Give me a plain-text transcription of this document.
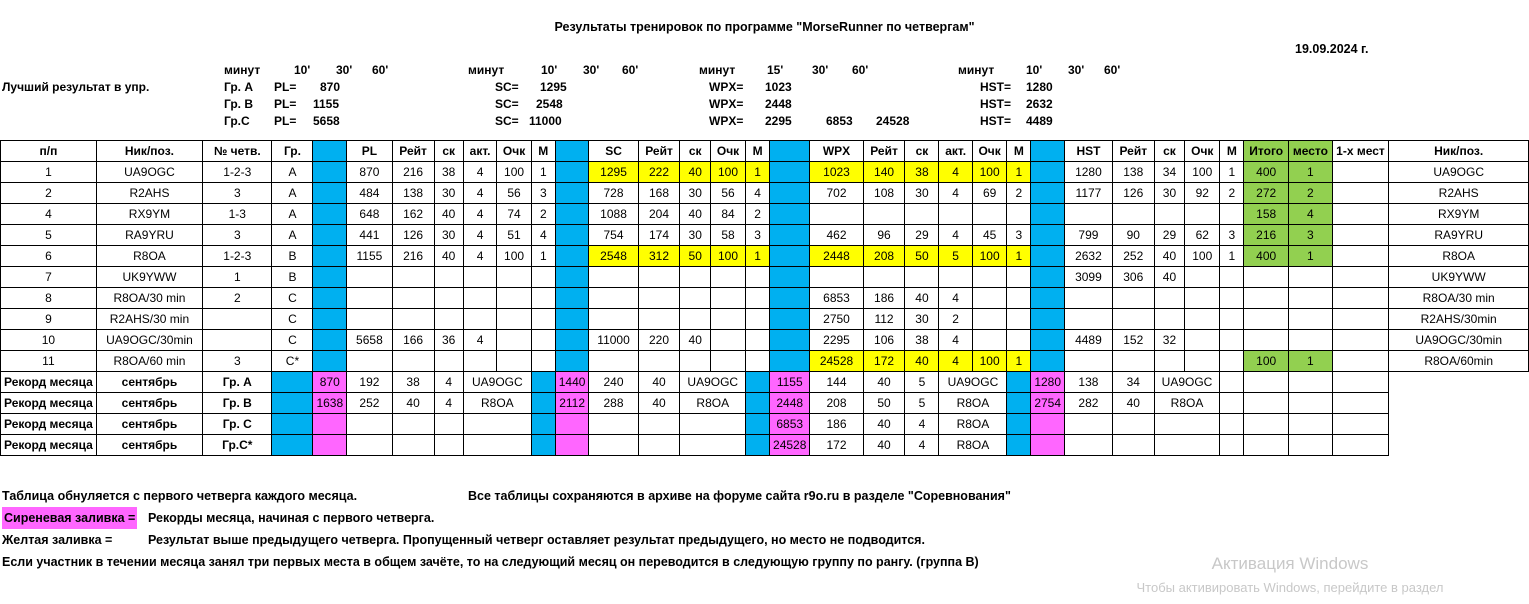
Результаты тренировок по программе "MorseRunner по четвергам"
19.09.2024 г.
минут	10' 30' 60'	минут	10' 30' 60'	минут	15' 30' 60'	минут	10' 30' 60'
Лучший результат в упр.	Гр. А PL= 870	SC= 1295	WPX= 1023	HST= 1280
Гр. В PL= 1155	SC= 2548	WPX= 2448	HST= 2632
Гр.С PL= 5658	SC= 11000	WPX= 2295	6853 24528	HST= 4489
п/п	Ник/поз.	№ четв.	Гр.		PL	Рейт	ск	акт.	Очк	М		SC	Рейт	ск	Очк	М		WPX	Рейт	ск	акт.	Очк	М		HST	Рейт	ск	Очк	М	Итого	место	1-х мест	Ник/поз.
1	UA9OGC	1-2-3	A		870	216	38	4	100	1		1295	222	40	100	1		1023	140	38	4	100	1		1280	138	34	100	1	400	1		UA9OGC
2	R2AHS	3	A		484	138	30	4	56	3		728	168	30	56	4		702	108	30	4	69	2		1177	126	30	92	2	272	2		R2AHS
4	RX9YM	1-3	A		648	162	40	4	74	2		1088	204	40	84	2														158	4		RX9YM
5	RA9YRU	3	A		441	126	30	4	51	4		754	174	30	58	3		462	96	29	4	45	3		799	90	29	62	3	216	3		RA9YRU
6	R8OA	1-2-3	B		1155	216	40	4	100	1		2548	312	50	100	1		2448	208	50	5	100	1		2632	252	40	100	1	400	1		R8OA
7	UK9YWW	1	B																						3099	306	40						UK9YWW
8	R8OA/30 min	2	C															6853	186	40	4												R8OA/30 min
9	R2AHS/30 min		C															2750	112	30	2												R2AHS/30min
10	UA9OGC/30min		C		5658	166	36	4				11000	220	40				2295	106	38	4				4489	152	32						UA9OGC/30min
11	R8OA/60 min	3	C*															24528	172	40	4	100	1							100	1		R8OA/60min
Рекорд месяца	сентябрь	Гр. А		870	192	38	4	UA9OGC			1440	240	40	UA9OGC			1155	144	40	5	UA9OGC			1280	138	34	UA9OGC						
Рекорд месяца	сентябрь	Гр. В		1638	252	40	4	R8OA			2112	288	40	R8OA			2448	208	50	5	R8OA			2754	282	40	R8OA						
Рекорд месяца	сентябрь	Гр. С															6853	186	40	4	R8OA												
Рекорд месяца	сентябрь	Гр.С*															24528	172	40	4	R8OA												
Таблица обнуляется с первого четверга каждого месяца.	Все таблицы сохраняются в архиве на форуме сайта r9o.ru в разделе "Соревнования"
Сиреневая заливка = Рекорды месяца, начиная с первого четверга.
Желтая заливка =	Результат выше предыдущего четверга. Пропущенный четверг оставляет результат предыдущего, но место не подводится.
Если участник в течении месяца занял три первых места в общем зачёте, то на следующий месяц он переводится в следующую группу по рангу. (группа В)	Активация Windows
Чтобы активировать Windows, перейдите в раздел
